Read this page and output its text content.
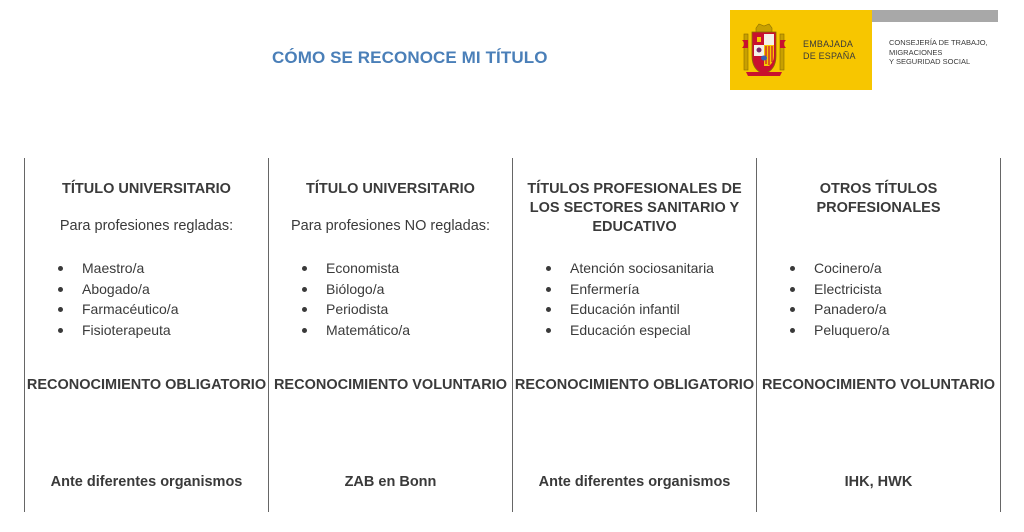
CÓMO SE RECONOCE MI TÍTULO
EMBAJADA
DE ESPAÑA
CONSEJERÍA DE TRABAJO,
MIGRACIONES
Y SEGURIDAD SOCIAL
TÍTULO UNIVERSITARIO
Para profesiones regladas:
Maestro/a
Abogado/a
Farmacéutico/a
Fisioterapeuta
RECONOCIMIENTO OBLIGATORIO
Ante diferentes organismos
TÍTULO UNIVERSITARIO
Para profesiones NO regladas:
Economista
Biólogo/a
Periodista
Matemático/a
RECONOCIMIENTO VOLUNTARIO
ZAB en Bonn
TÍTULOS PROFESIONALES DE
LOS SECTORES SANITARIO Y
EDUCATIVO
Atención sociosanitaria
Enfermería
Educación infantil
Educación especial
RECONOCIMIENTO OBLIGATORIO
Ante diferentes organismos
OTROS TÍTULOS
PROFESIONALES
Cocinero/a
Electricista
Panadero/a
Peluquero/a
RECONOCIMIENTO VOLUNTARIO
IHK, HWK
